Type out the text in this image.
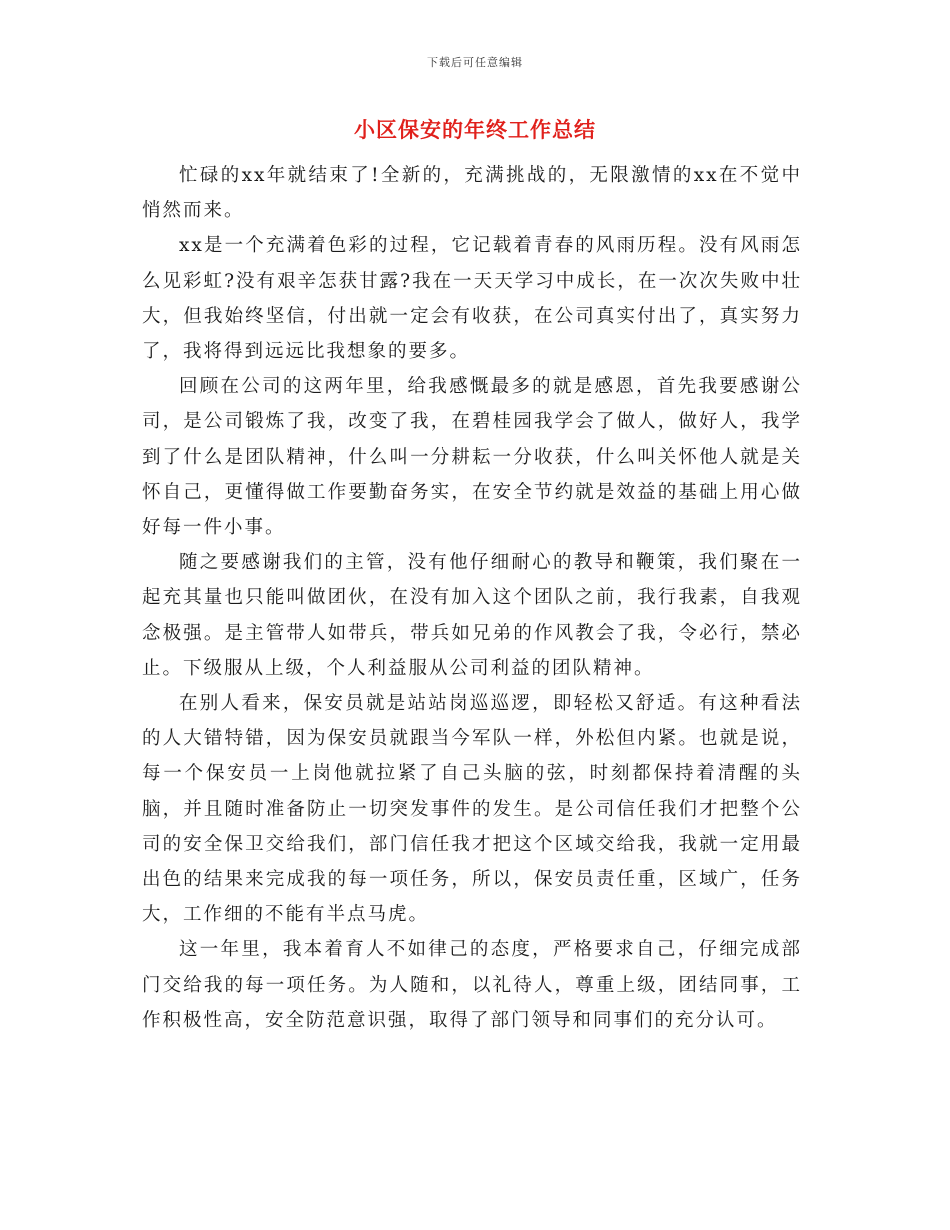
下载后可任意编辑
小区保安的年终工作总结

忙碌的xx年就结束了!全新的，充满挑战的，无限激情的xx在不觉中悄然而来。

xx是一个充满着色彩的过程，它记载着青春的风雨历程。没有风雨怎么见彩虹?没有艰辛怎获甘露?我在一天天学习中成长，在一次次失败中壮大，但我始终坚信，付出就一定会有收获，在公司真实付出了，真实努力了，我将得到远远比我想象的要多。

回顾在公司的这两年里，给我感慨最多的就是感恩，首先我要感谢公司，是公司锻炼了我，改变了我，在碧桂园我学会了做人，做好人，我学到了什么是团队精神，什么叫一分耕耘一分收获，什么叫关怀他人就是关怀自己，更懂得做工作要勤奋务实，在安全节约就是效益的基础上用心做好每一件小事。

随之要感谢我们的主管，没有他仔细耐心的教导和鞭策，我们聚在一起充其量也只能叫做团伙，在没有加入这个团队之前，我行我素，自我观念极强。是主管带人如带兵，带兵如兄弟的作风教会了我，令必行，禁必止。下级服从上级，个人利益服从公司利益的团队精神。

在别人看来，保安员就是站站岗巡巡逻，即轻松又舒适。有这种看法的人大错特错，因为保安员就跟当今军队一样，外松但内紧。也就是说，每一个保安员一上岗他就拉紧了自己头脑的弦，时刻都保持着清醒的头脑，并且随时准备防止一切突发事件的发生。是公司信任我们才把整个公司的安全保卫交给我们，部门信任我才把这个区域交给我，我就一定用最出色的结果来完成我的每一项任务，所以，保安员责任重，区域广，任务大，工作细的不能有半点马虎。

这一年里，我本着育人不如律己的态度，严格要求自己，仔细完成部门交给我的每一项任务。为人随和，以礼待人，尊重上级，团结同事，工作积极性高，安全防范意识强，取得了部门领导和同事们的充分认可。
